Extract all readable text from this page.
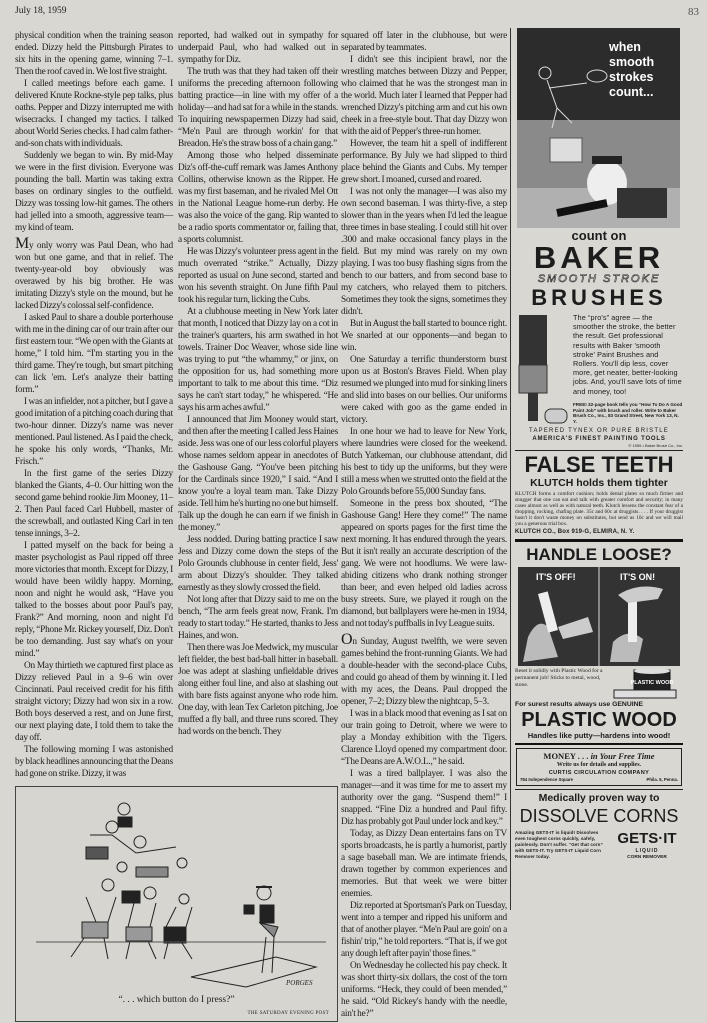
July 18, 1959	83

physical condition when the training season ended. Dizzy held the Pittsburgh Pirates to six hits in the opening game, winning 7–1. Then the roof caved in. We lost five straight.

I called meetings before each game. I delivered Knute Rockne-style pep talks, plus oaths. Pepper and Dizzy interrupted me with wisecracks. I changed my tactics. I talked about World Series checks. I had calm father-and-son chats with individuals.

Suddenly we began to win. By mid-May we were in the first division. Everyone was pounding the ball. Martin was taking extra bases on ordinary singles to the outfield. Dizzy was tossing low-hit games. The others had jelled into a smooth, aggressive team—my kind of team.

My only worry was Paul Dean, who had won but one game, and that in relief. The twenty-year-old boy obviously was overawed by his big brother. He was imitating Dizzy's style on the mound, but he lacked Dizzy's colossal self-confidence.

I asked Paul to share a double porterhouse with me in the dining car of our train after our first eastern tour. “We open with the Giants at home,” I told him. “I'm starting you in the third game. They're tough, but smart pitching can lick 'em. Let's analyze their batting form.”

I was an infielder, not a pitcher, but I gave a good imitation of a pitching coach during that two-hour dinner. Dizzy's name was never mentioned. Paul listened. As I paid the check, he spoke his only words, “Thanks, Mr. Frisch.”

In the first game of the series Dizzy blanked the Giants, 4–0. Our hitting won the second game behind rookie Jim Mooney, 11–2. Then Paul faced Carl Hubbell, master of the screwball, and outlasted King Carl in ten tense innings, 3–2.

I patted myself on the back for being a master psychologist as Paul ripped off three more victories that month. Except for Dizzy, I would have been wildly happy. Morning, noon and night he would ask, “Have you talked to the bosses about poor Paul's pay, Frank?” And morning, noon and night I'd reply, “Phone Mr. Rickey yourself, Diz. Don't be too demanding. Just say what's on your mind.”

On May thirtieth we captured first place as Dizzy relieved Paul in a 9–6 win over Cincinnati. Paul received credit for his fifth straight victory; Dizzy had won six in a row. Both boys deserved a rest, and on June first, our next playing date, I told them to take the day off.

The following morning I was astonished by black headlines announcing that the Deans had gone on strike. Dizzy, it was

reported, had walked out in sympathy for underpaid Paul, who had walked out in sympathy for Diz.

The truth was that they had taken off their uniforms the preceding afternoon following batting practice—in line with my offer of a holiday—and had sat for a while in the stands. To inquiring newspapermen Dizzy had said, “Me'n Paul are through workin' for that Breadon. He's the straw boss of a chain gang.”

Among those who helped disseminate Diz's off-the-cuff remark was James Anthony Collins, otherwise known as the Ripper. He was my first baseman, and he rivaled Mel Ott in the National League home-run derby. He was also the voice of the gang. Rip wanted to be a radio sports commentator or, failing that, a sports columnist.

He was Dizzy's volunteer press agent in the much overrated “strike.” Actually, Dizzy reported as usual on June second, started and won his seventh straight. On June fifth Paul took his regular turn, licking the Cubs.

At a clubhouse meeting in New York later that month, I noticed that Dizzy lay on a cot in the trainer's quarters, his arm swathed in hot towels. Trainer Doc Weaver, whose side line was trying to put “the whammy,” or jinx, on the opposition for us, had something more important to talk to me about this time. “Diz says he can't start today,” he whispered. “He says his arm aches awful.”

I announced that Jim Mooney would start, and then after the meeting I called Jess Haines aside. Jess was one of our less colorful players whose names seldom appear in anecdotes of the Gashouse Gang. “You've been pitching for the Cardinals since 1920,” I said. “And I know you're a loyal team man. Take Dizzy aside. Tell him he's hurting no one but himself. Talk up the dough he can earn if we finish in the money.”

Jess nodded. During batting practice I saw Jess and Dizzy come down the steps of the Polo Grounds clubhouse in center field, Jess' arm about Dizzy's shoulder. They talked earnestly as they slowly crossed the field.

Not long after that Dizzy said to me on the bench, “The arm feels great now, Frank. I'm ready to start today.” He started, thanks to Jess Haines, and won.

Then there was Joe Medwick, my muscular left fielder, the best bad-ball hitter in baseball. Joe was adept at slashing unfieldable drives along either foul line, and also at slashing out with bare fists against anyone who rode him. One day, with lean Tex Carleton pitching, Joe muffed a fly ball, and three runs scored. They had words on the bench. They

PORGES
“. . . which button do I press?”
THE SATURDAY EVENING POST

squared off later in the clubhouse, but were separated by teammates.

I didn't see this incipient brawl, nor the wrestling matches between Dizzy and Pepper, who claimed that he was the strongest man in the world. Much later I learned that Pepper had wrenched Dizzy's pitching arm and cut his own cheek in a free-style bout. That day Dizzy won with the aid of Pepper's three-run homer.

However, the team hit a spell of indifferent performance. By July we had slipped to third place behind the Giants and Cubs. My temper grew short. I moaned, cursed and roared.

I was not only the manager—I was also my own second baseman. I was thirty-five, a step slower than in the years when I'd led the league three times in base stealing. I could still hit over .300 and make occasional fancy plays in the field. But my mind was rarely on my own playing. I was too busy flashing signs from the bench to our batters, and from second base to my catchers, who relayed them to pitchers. Sometimes they took the signs, sometimes they didn't.

But in August the ball started to bounce right. We snarled at our opponents—and began to win.

One Saturday a terrific thunderstorm burst upon us at Boston's Braves Field. When play resumed we plunged into mud for sinking liners and slid into bases on our bellies. Our uniforms were caked with goo as the game ended in victory.

In one hour we had to leave for New York, where laundries were closed for the weekend. Butch Yatkeman, our clubhouse attendant, did his best to tidy up the uniforms, but they were still a mess when we strutted onto the field at the Polo Grounds before 55,000 Sunday fans.

Someone in the press box shouted, “The Gashouse Gang! Here they come!” The name appeared on sports pages for the first time the next morning. It has endured through the years. But it isn't really an accurate description of the gang. We were not hoodlums. We were law-abiding citizens who drank nothing stronger than beer, and even helped old ladies across busy streets. Sure, we played it rough on the diamond, but ballplayers were he-men in 1934, and not today's puffballs in Ivy League suits.

On Sunday, August twelfth, we were seven games behind the front-running Giants. We had a double-header with the second-place Cubs, and could go ahead of them by winning it. I led with my aces, the Deans. Paul dropped the opener, 7–2; Dizzy blew the nightcap, 5–3.

I was in a black mood that evening as I sat on our train going to Detroit, where we were to play a Monday exhibition with the Tigers. Clarence Lloyd opened my compartment door. “The Deans are A.W.O.L.,” he said.

I was a tired ballplayer. I was also the manager—and it was time for me to assert my authority over the gang. “Suspend them!” I snapped. “Fine Diz a hundred and Paul fifty. Diz has probably got Paul under lock and key.”

Today, as Dizzy Dean entertains fans on TV sports broadcasts, he is partly a humorist, partly a sage baseball man. We are intimate friends, drawn together by common experiences and memories. But that week we were bitter enemies.

Diz reported at Sportsman's Park on Tuesday, went into a temper and ripped his uniform and that of another player. “Me'n Paul are goin' on a fishin' trip,” he told reporters. “That is, if we got any dough left after payin' those fines.”

On Wednesday he collected his pay check. It was short thirty-six dollars, the cost of the torn uniforms. “Heck, they could of been mended,” he said. “Old Rickey's handy with the needle, ain't he?”

when
smooth
strokes
count...
count on
BAKER
SMOOTH STROKE
BRUSHES
The “pro's” agree — the smoother the stroke, the better the result. Get professional results with Baker 'smooth stroke' Paint Brushes and Rollers. You'll dip less, cover more, get neater, better-looking jobs. And, you'll save lots of time and money, too!
FREE! 32-page book tells you “How To Do A Good Paint Job” with brush and roller. Write to Baker Brush Co., Inc., 83 Grand Street, New York 13, N. Y.
TAPERED TYNEX OR PURE BRISTLE
AMERICA'S FINEST PAINTING TOOLS
© 1959 • Baker Brush Co., Inc.
FALSE TEETH
KLUTCH holds them tighter
KLUTCH forms a comfort cushion; holds dental plates so much firmer and snugger that one can eat and talk with greater comfort and security; in many cases almost as well as with natural teeth. Klutch lessens the constant fear of a dropping, rocking, chafing plate. 35c and 60c at druggists. . . . If your druggist hasn't it don't waste money on substitutes, but send us 10c and we will mail you a generous trial box.
KLUTCH CO., Box 919-G, ELMIRA, N. Y.
HANDLE LOOSE?
IT'S OFF!	IT'S ON!
Reset it solidly with Plastic Wood for a permanent job! Sticks to metal, wood, stone.	PLASTIC WOOD
For surest results always use GENUINE
PLASTIC WOOD
Handles like putty—hardens into wood!
MONEY . . . in Your Free Time
Write us for details and supplies.
CURTIS CIRCULATION COMPANY
784 Independence Square	Phila. 5, Penna.
Medically proven way to
DISSOLVE CORNS
Amazing GETS-IT is liquid! Dissolves even toughest corns quickly, safely, painlessly. Don't suffer. “Get that corn” with GETS-IT. Try GETS-IT Liquid Corn Remover today.
GETS·IT
LIQUID
CORN REMOVER
